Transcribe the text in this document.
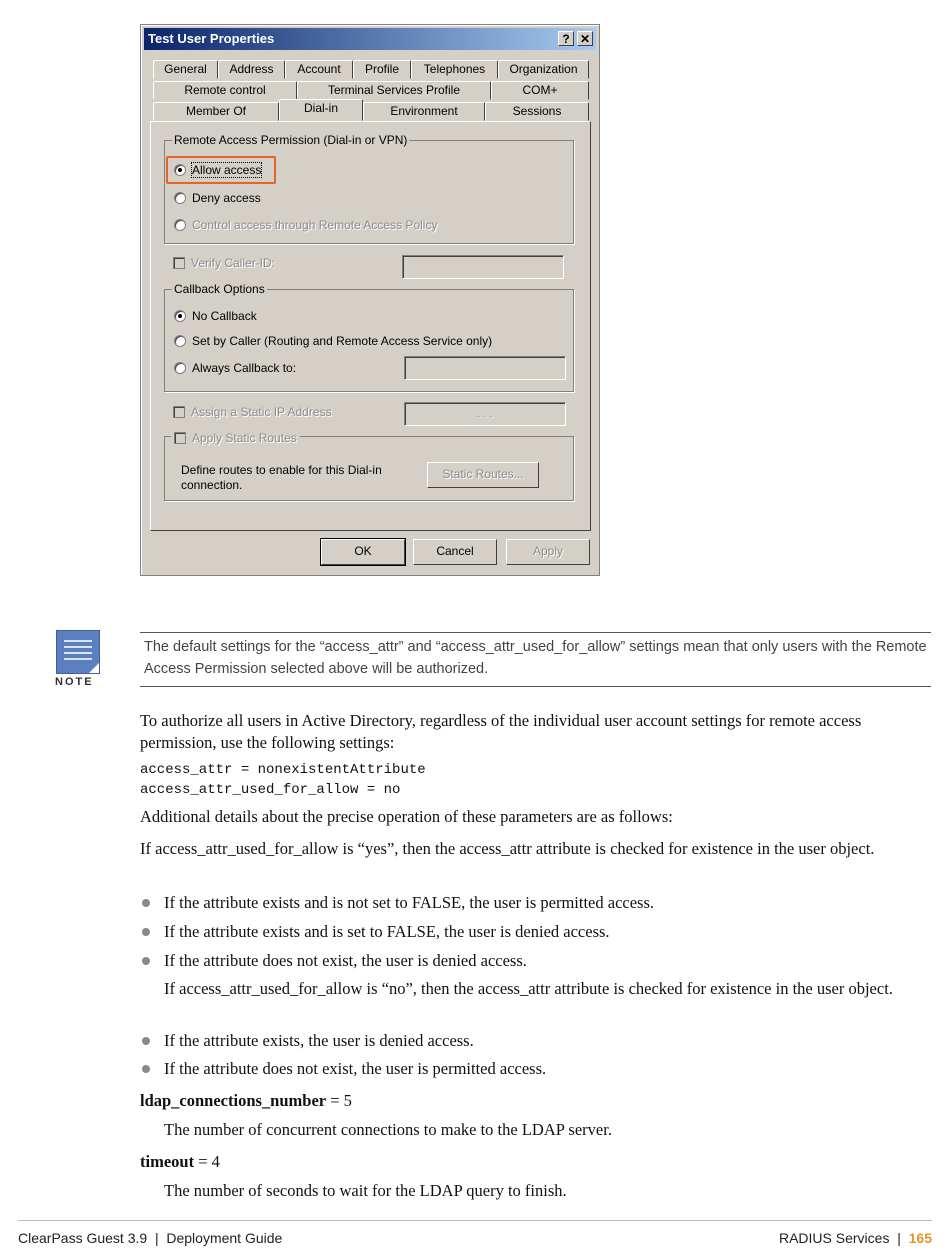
Test User Properties	? ✕
General	Address	Account	Profile	Telephones	Organization
Remote control	Terminal Services Profile	COM+
Member Of	Dial-in	Environment	Sessions
Remote Access Permission (Dial-in or VPN)
Allow access
Deny access
Control access through Remote Access Policy
Verify Caller-ID:
Callback Options
No Callback
Set by Caller (Routing and Remote Access Service only)
Always Callback to:
Assign a Static IP Address	. . .
Apply Static Routes
Define routes to enable for this Dial-in
connection.
Static Routes...
OK	Cancel	Apply
NOTE
The default settings for the “access_attr” and “access_attr_used_for_allow” settings mean that only users with the Remote Access Permission selected above will be authorized.
To authorize all users in Active Directory, regardless of the individual user account settings for remote access permission, use the following settings:
access_attr = nonexistentAttribute
access_attr_used_for_allow = no
Additional details about the precise operation of these parameters are as follows:
If access_attr_used_for_allow is “yes”, then the access_attr attribute is checked for existence in the user object.
If the attribute exists and is not set to FALSE, the user is permitted access.
If the attribute exists and is set to FALSE, the user is denied access.
If the attribute does not exist, the user is denied access.
If access_attr_used_for_allow is “no”, then the access_attr attribute is checked for existence in the user object.
If the attribute exists, the user is denied access.
If the attribute does not exist, the user is permitted access.
ldap_connections_number = 5
The number of concurrent connections to make to the LDAP server.
timeout = 4
The number of seconds to wait for the LDAP query to finish.
ClearPass Guest 3.9  |  Deployment Guide	RADIUS Services  |  165
